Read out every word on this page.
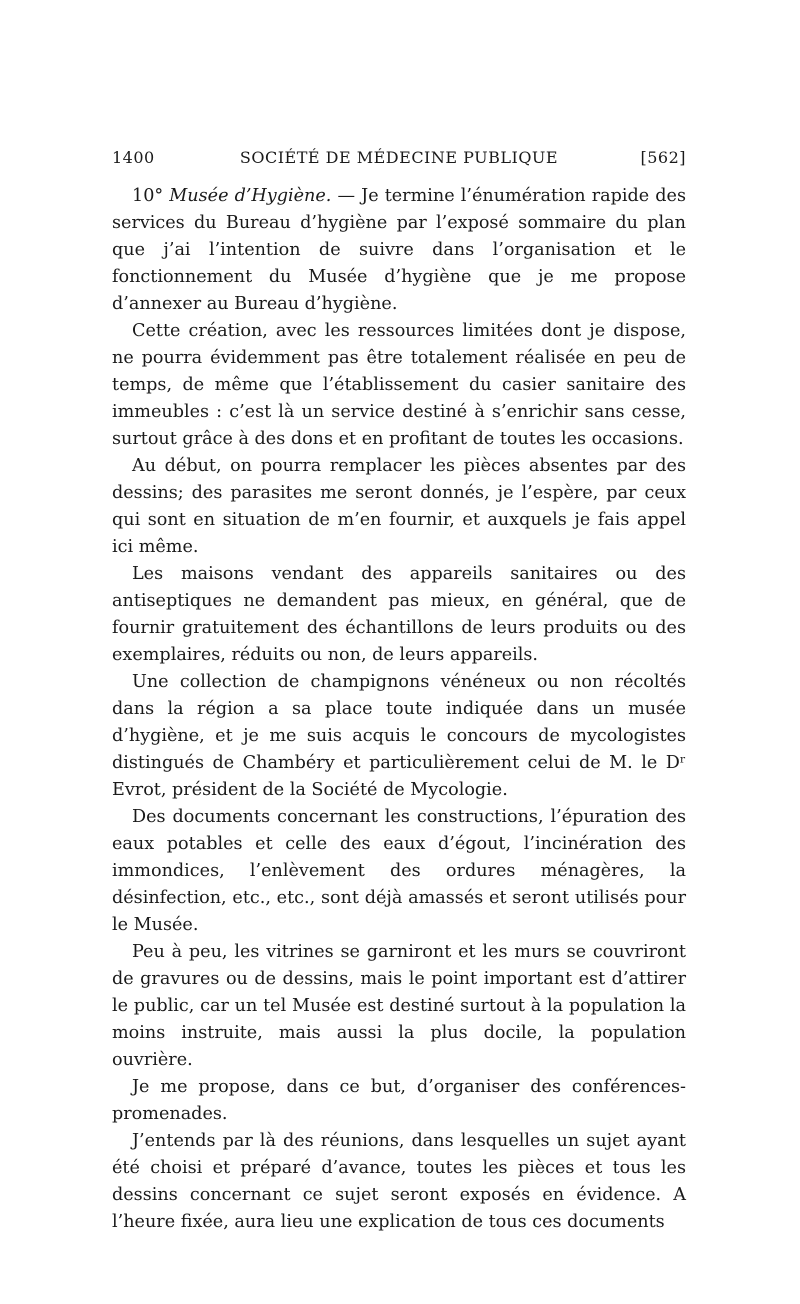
1400	SOCIÉTÉ DE MÉDECINE PUBLIQUE	[562]

10° Musée d’Hygiène. — Je termine l’énumération rapide des services du Bureau d’hygiène par l’exposé sommaire du plan que j’ai l’intention de suivre dans l’organisation et le fonctionnement du Musée d’hygiène que je me propose d’annexer au Bureau d’hygiène.

Cette création, avec les ressources limitées dont je dispose, ne pourra évidemment pas être totalement réalisée en peu de temps, de même que l’établissement du casier sanitaire des immeubles : c’est là un service destiné à s’enrichir sans cesse, surtout grâce à des dons et en profitant de toutes les occasions.

Au début, on pourra remplacer les pièces absentes par des dessins; des parasites me seront donnés, je l’espère, par ceux qui sont en situation de m’en fournir, et auxquels je fais appel ici même.

Les maisons vendant des appareils sanitaires ou des antiseptiques ne demandent pas mieux, en général, que de fournir gratuitement des échantillons de leurs produits ou des exemplaires, réduits ou non, de leurs appareils.

Une collection de champignons vénéneux ou non récoltés dans la région a sa place toute indiquée dans un musée d’hygiène, et je me suis acquis le concours de mycologistes distingués de Chambéry et particulièrement celui de M. le Dʳ Evrot, président de la Société de Mycologie.

Des documents concernant les constructions, l’épuration des eaux potables et celle des eaux d’égout, l’incinération des immondices, l’enlèvement des ordures ménagères, la désinfection, etc., etc., sont déjà amassés et seront utilisés pour le Musée.

Peu à peu, les vitrines se garniront et les murs se couvriront de gravures ou de dessins, mais le point important est d’attirer le public, car un tel Musée est destiné surtout à la population la moins instruite, mais aussi la plus docile, la population ouvrière.

Je me propose, dans ce but, d’organiser des conférences-promenades.

J’entends par là des réunions, dans lesquelles un sujet ayant été choisi et préparé d’avance, toutes les pièces et tous les dessins concernant ce sujet seront exposés en évidence. A l’heure fixée, aura lieu une explication de tous ces documents
